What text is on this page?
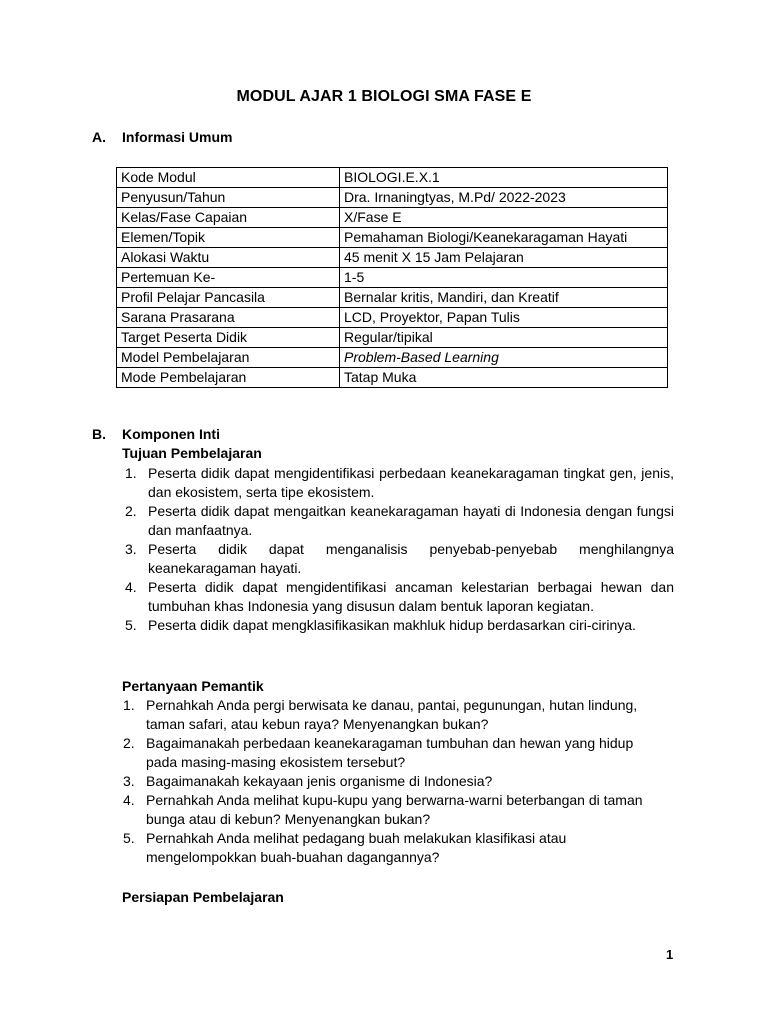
MODUL AJAR 1 BIOLOGI SMA FASE E
A. Informasi Umum
Kode Modul	BIOLOGI.E.X.1
Penyusun/Tahun	Dra. Irnaningtyas, M.Pd/ 2022-2023
Kelas/Fase Capaian	X/Fase E
Elemen/Topik	Pemahaman Biologi/Keanekaragaman Hayati
Alokasi Waktu	45 menit X 15 Jam Pelajaran
Pertemuan Ke-	1-5
Profil Pelajar Pancasila	Bernalar kritis, Mandiri, dan Kreatif
Sarana Prasarana	LCD, Proyektor, Papan Tulis
Target Peserta Didik	Regular/tipikal
Model Pembelajaran	Problem-Based Learning
Mode Pembelajaran	Tatap Muka
B. Komponen Inti
Tujuan Pembelajaran
1. Peserta didik dapat mengidentifikasi perbedaan keanekaragaman tingkat gen, jenis, dan ekosistem, serta tipe ekosistem.
2. Peserta didik dapat mengaitkan keanekaragaman hayati di Indonesia dengan fungsi dan manfaatnya.
3. Peserta didik dapat menganalisis penyebab-penyebab menghilangnya keanekaragaman hayati.
4. Peserta didik dapat mengidentifikasi ancaman kelestarian berbagai hewan dan tumbuhan khas Indonesia yang disusun dalam bentuk laporan kegiatan.
5. Peserta didik dapat mengklasifikasikan makhluk hidup berdasarkan ciri-cirinya.
Pertanyaan Pemantik
1. Pernahkah Anda pergi berwisata ke danau, pantai, pegunungan, hutan lindung, taman safari, atau kebun raya? Menyenangkan bukan?
2. Bagaimanakah perbedaan keanekaragaman tumbuhan dan hewan yang hidup pada masing-masing ekosistem tersebut?
3. Bagaimanakah kekayaan jenis organisme di Indonesia?
4. Pernahkah Anda melihat kupu-kupu yang berwarna-warni beterbangan di taman bunga atau di kebun? Menyenangkan bukan?
5. Pernahkah Anda melihat pedagang buah melakukan klasifikasi atau mengelompokkan buah-buahan dagangannya?
Persiapan Pembelajaran
1
